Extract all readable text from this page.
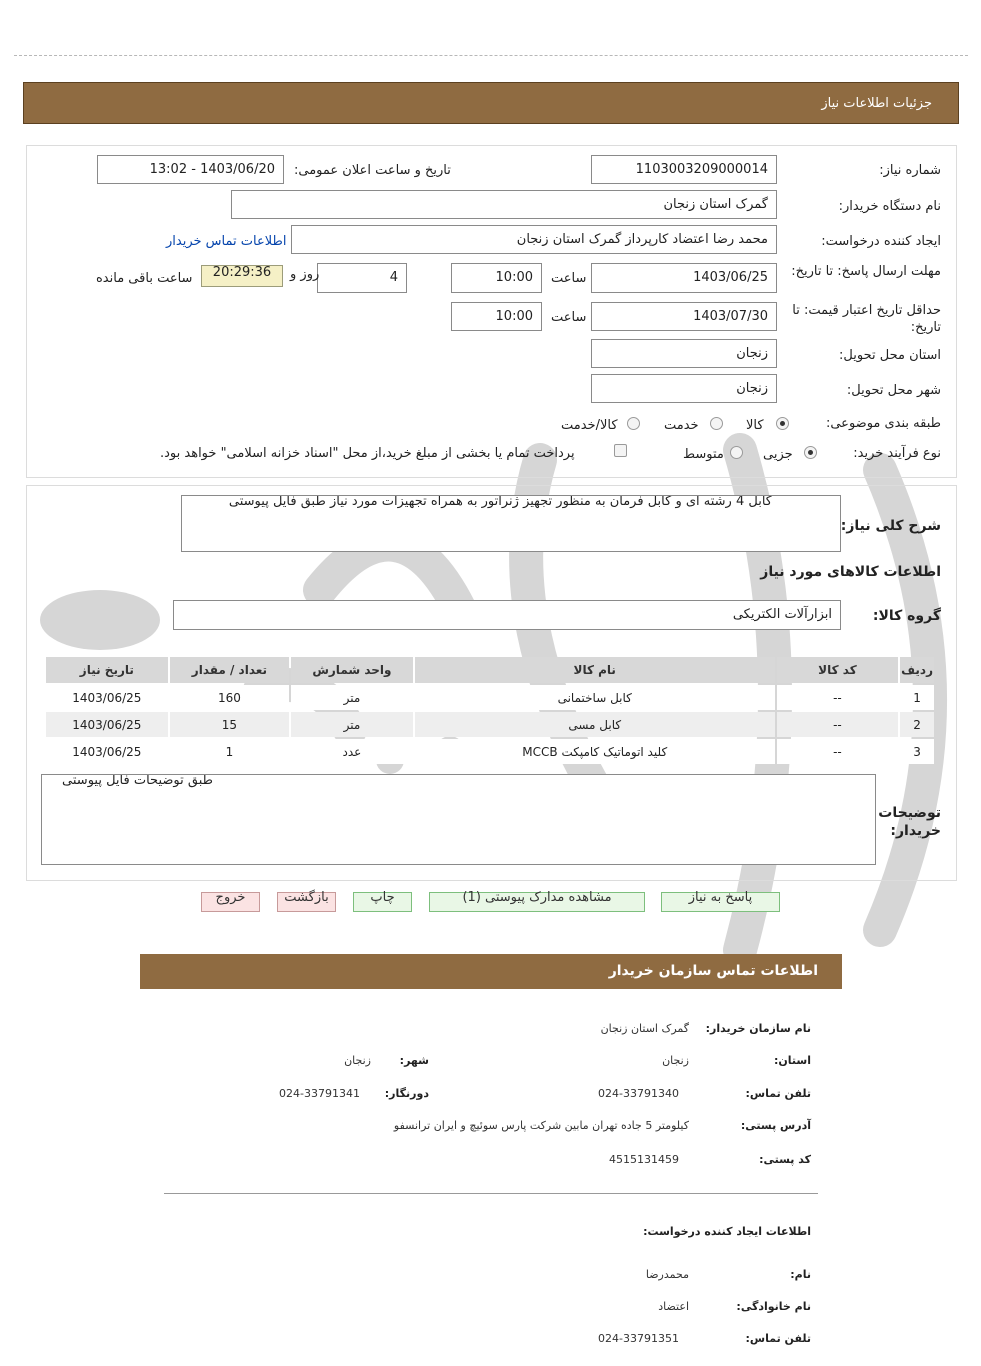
جزئیات اطلاعات نیاز
شماره نیاز:
1103003209000014
تاریخ و ساعت اعلان عمومی:
1403/06/20 - 13:02
نام دستگاه خریدار:
گمرک استان زنجان
ایجاد کننده درخواست:
محمد رضا اعتضاد کارپرداز گمرک استان زنجان
اطلاعات تماس خریدار
مهلت ارسال پاسخ: تا تاریخ:
1403/06/25
ساعت
10:00
4
روز و
20:29:36
ساعت باقی مانده
حداقل تاریخ اعتبار قیمت: تا تاریخ:
1403/07/30
ساعت
10:00
استان محل تحویل:
زنجان
شهر محل تحویل:
زنجان
طبقه بندی موضوعی:
کالا
خدمت
کالا/خدمت
نوع فرآیند خرید:
جزیی
متوسط
پرداخت تمام یا بخشی از مبلغ خرید،از محل "اسناد خزانه اسلامی" خواهد بود.
شرح کلی نیاز:
کابل 4 رشته ای و کابل فرمان به منظور تجهیز ژنراتور به همراه تجهیزات مورد نیاز طبق فایل پیوستی
اطلاعات کالاهای مورد نیاز
گروه کالا:
ابزارآلات الکتریکی
ردیف	کد کالا	نام کالا	واحد شمارش	تعداد / مقدار	تاریخ نیاز
1	--	کابل ساختمانی	متر	160	1403/06/25
2	--	کابل مسی	متر	15	1403/06/25
3	--	کلید اتوماتیک کامپکت MCCB	عدد	1	1403/06/25
توضیحات خریدار:
طبق توضیحات فایل پیوستی
پاسخ به نیاز
مشاهده مدارک پیوستی (1)
چاپ
بازگشت
خروج
اطلاعات تماس سازمان خریدار
نام سازمان خریدار:
گمرک استان زنجان
استان:
زنجان
شهر:
زنجان
تلفن تماس:
024-33791340
دورنگار:
024-33791341
آدرس پستی:
کیلومتر 5 جاده تهران مابین شرکت پارس سوئیچ و ایران ترانسفو
کد پستی:
4515131459
اطلاعات ایجاد کننده درخواست:
نام:
محمدرضا
نام خانوادگی:
اعتضاد
تلفن تماس:
024-33791351
